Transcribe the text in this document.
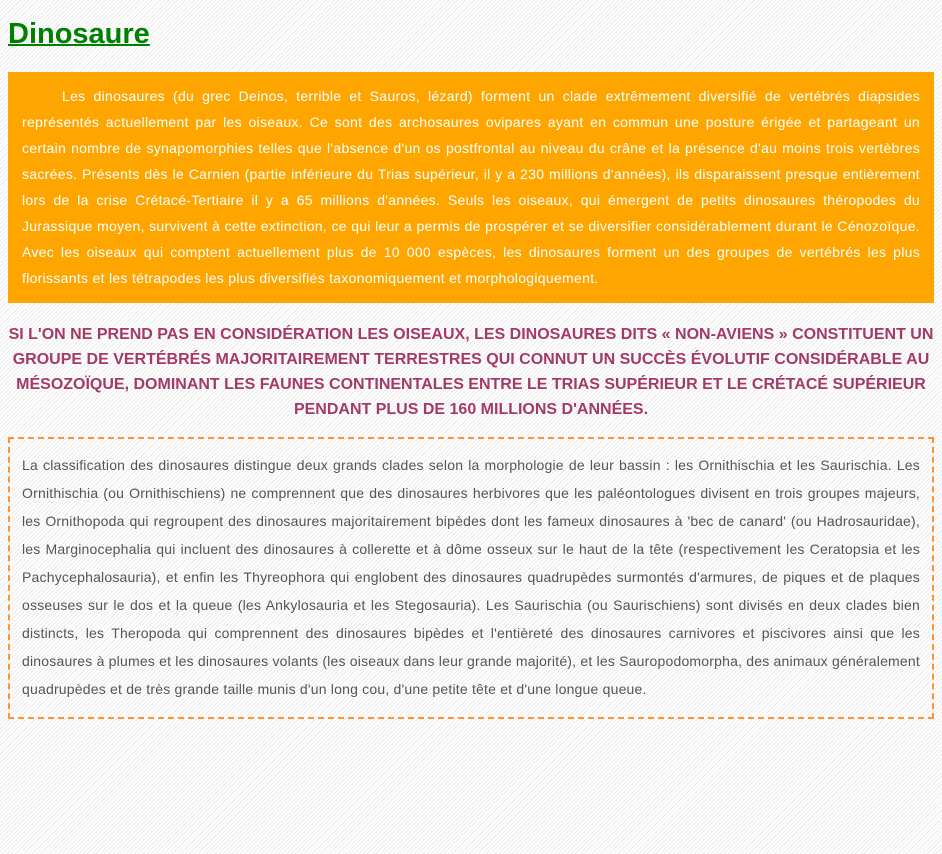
Dinosaure

Les dinosaures (du grec Deinos, terrible et Sauros, lézard) forment un clade extrêmement diversifié de vertébrés diapsides représentés actuellement par les oiseaux. Ce sont des archosaures ovipares ayant en commun une posture érigée et partageant un certain nombre de synapomorphies telles que l'absence d'un os postfrontal au niveau du crâne et la présence d'au moins trois vertèbres sacrées. Présents dès le Carnien (partie inférieure du Trias supérieur, il y a 230 millions d'années), ils disparaissent presque entièrement lors de la crise Crétacé-Tertiaire il y a 65 millions d'années. Seuls les oiseaux, qui émergent de petits dinosaures théropodes du Jurassique moyen, survivent à cette extinction, ce qui leur a permis de prospérer et se diversifier considérablement durant le Cénozoïque. Avec les oiseaux qui comptent actuellement plus de 10 000 espèces, les dinosaures forment un des groupes de vertébrés les plus florissants et les tétrapodes les plus diversifiés taxonomiquement et morphologiquement.

SI L'ON NE PREND PAS EN CONSIDÉRATION LES OISEAUX, LES DINOSAURES DITS « NON-AVIENS » CONSTITUENT UN GROUPE DE VERTÉBRÉS MAJORITAIREMENT TERRESTRES QUI CONNUT UN SUCCÈS ÉVOLUTIF CONSIDÉRABLE AU MÉSOZOÏQUE, DOMINANT LES FAUNES CONTINENTALES ENTRE LE TRIAS SUPÉRIEUR ET LE CRÉTACÉ SUPÉRIEUR PENDANT PLUS DE 160 MILLIONS D'ANNÉES.

La classification des dinosaures distingue deux grands clades selon la morphologie de leur bassin : les Ornithischia et les Saurischia. Les Ornithischia (ou Ornithischiens) ne comprennent que des dinosaures herbivores que les paléontologues divisent en trois groupes majeurs, les Ornithopoda qui regroupent des dinosaures majoritairement bipèdes dont les fameux dinosaures à 'bec de canard' (ou Hadrosauridae), les Marginocephalia qui incluent des dinosaures à collerette et à dôme osseux sur le haut de la tête (respectivement les Ceratopsia et les Pachycephalosauria), et enfin les Thyreophora qui englobent des dinosaures quadrupèdes surmontés d'armures, de piques et de plaques osseuses sur le dos et la queue (les Ankylosauria et les Stegosauria). Les Saurischia (ou Saurischiens) sont divisés en deux clades bien distincts, les Theropoda qui comprennent des dinosaures bipèdes et l'entièreté des dinosaures carnivores et piscivores ainsi que les dinosaures à plumes et les dinosaures volants (les oiseaux dans leur grande majorité), et les Sauropodomorpha, des animaux généralement quadrupèdes et de très grande taille munis d'un long cou, d'une petite tête et d'une longue queue.
